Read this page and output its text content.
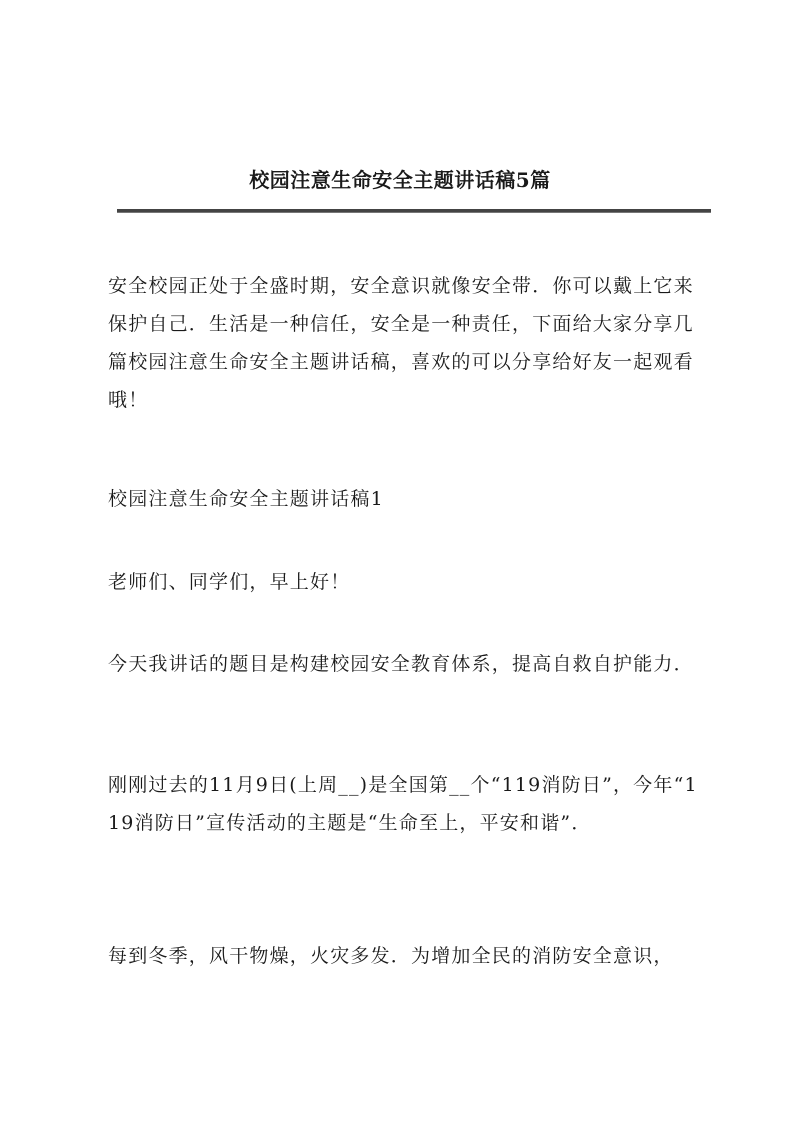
校园注意生命安全主题讲话稿5篇

安全校园正处于全盛时期，安全意识就像安全带．你可以戴上它来保护自己．生活是一种信任，安全是一种责任，下面给大家分享几篇校园注意生命安全主题讲话稿，喜欢的可以分享给好友一起观看哦！

校园注意生命安全主题讲话稿1

老师们、同学们，早上好！

今天我讲话的题目是构建校园安全教育体系，提高自救自护能力．

刚刚过去的11月9日(上周__)是全国第__个“119消防日”，今年“119消防日”宣传活动的主题是“生命至上，平安和谐”．

每到冬季，风干物燥，火灾多发．为增加全民的消防安全意识，
